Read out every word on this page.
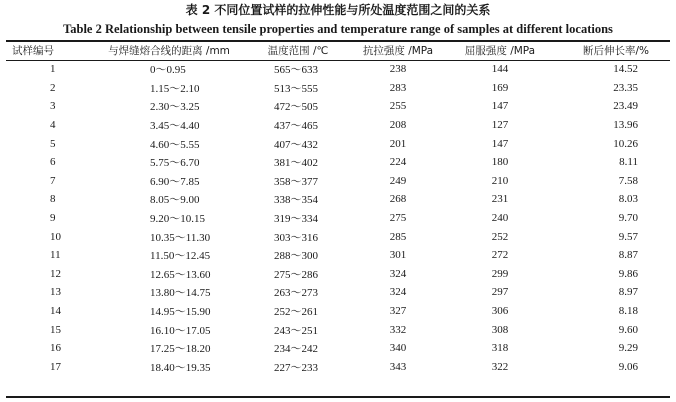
表 2 不同位置试样的拉伸性能与所处温度范围之间的关系
Table 2 Relationship between tensile properties and temperature range of samples at different locations
试样编号	与焊缝熔合线的距离 /mm	温度范围 /℃	抗拉强度 /MPa	屈服强度 /MPa	断后伸长率/%
1	0～0.95	565～633	238	144	14.52
2	1.15～2.10	513～555	283	169	23.35
3	2.30～3.25	472～505	255	147	23.49
4	3.45～4.40	437～465	208	127	13.96
5	4.60～5.55	407～432	201	147	10.26
6	5.75～6.70	381～402	224	180	8.11
7	6.90～7.85	358～377	249	210	7.58
8	8.05～9.00	338～354	268	231	8.03
9	9.20～10.15	319～334	275	240	9.70
10	10.35～11.30	303～316	285	252	9.57
11	11.50～12.45	288～300	301	272	8.87
12	12.65～13.60	275～286	324	299	9.86
13	13.80～14.75	263～273	324	297	8.97
14	14.95～15.90	252～261	327	306	8.18
15	16.10～17.05	243～251	332	308	9.60
16	17.25～18.20	234～242	340	318	9.29
17	18.40～19.35	227～233	343	322	9.06
